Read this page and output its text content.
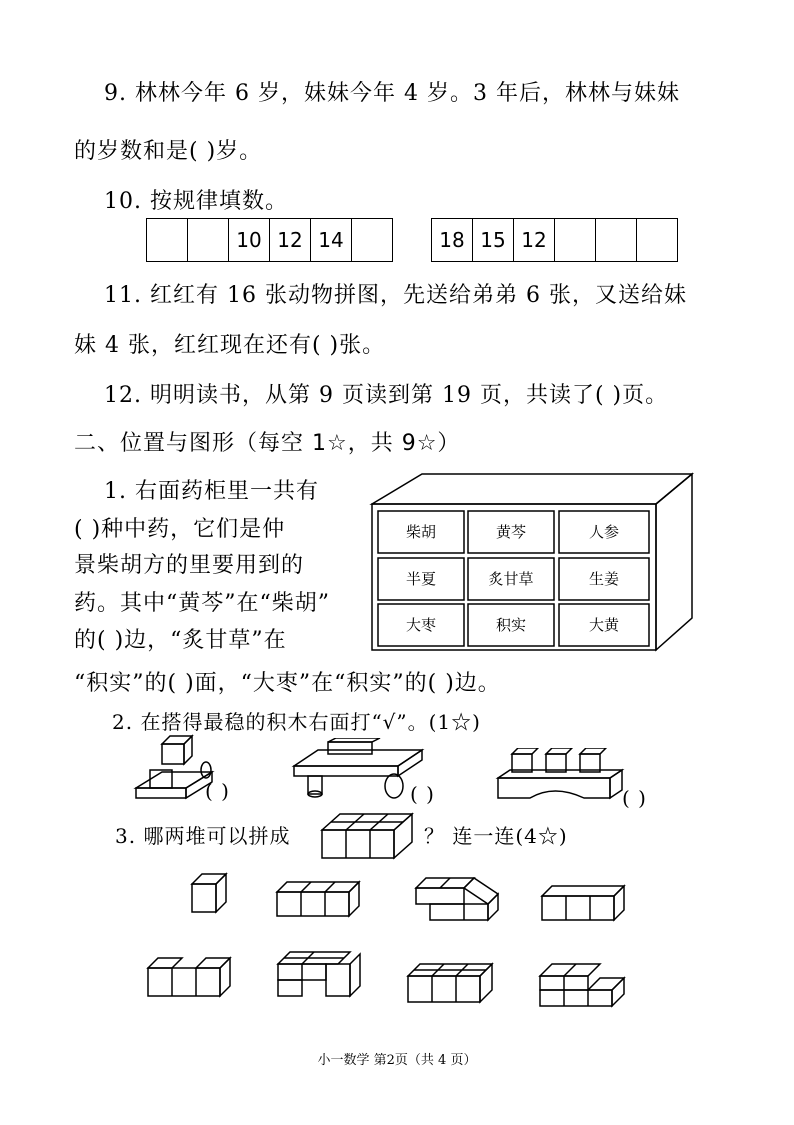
9. 林林今年 6 岁，妹妹今年 4 岁。3 年后，林林与妹妹
的岁数和是( )岁。
10. 按规律填数。
10 12 14	18 15 12
11. 红红有 16 张动物拼图，先送给弟弟 6 张，又送给妹
妹 4 张，红红现在还有( )张。
12. 明明读书，从第 9 页读到第 19 页，共读了( )页。
二、位置与图形（每空 1☆，共 9☆）
1. 右面药柜里一共有
( )种中药，它们是仲
景柴胡方的里要用到的
药。其中“黄芩”在“柴胡”
的( )边，“炙甘草”在
“积实”的( )面，“大枣”在“积实”的( )边。
柴胡	黄芩	人参
半夏	炙甘草	生姜
大枣	积实	大黄
2. 在搭得最稳的积木右面打“√”。(1☆)
( )	( )	( )
3. 哪两堆可以拼成	？ 连一连(4☆)
小一数学 第2页（共 4 页）
